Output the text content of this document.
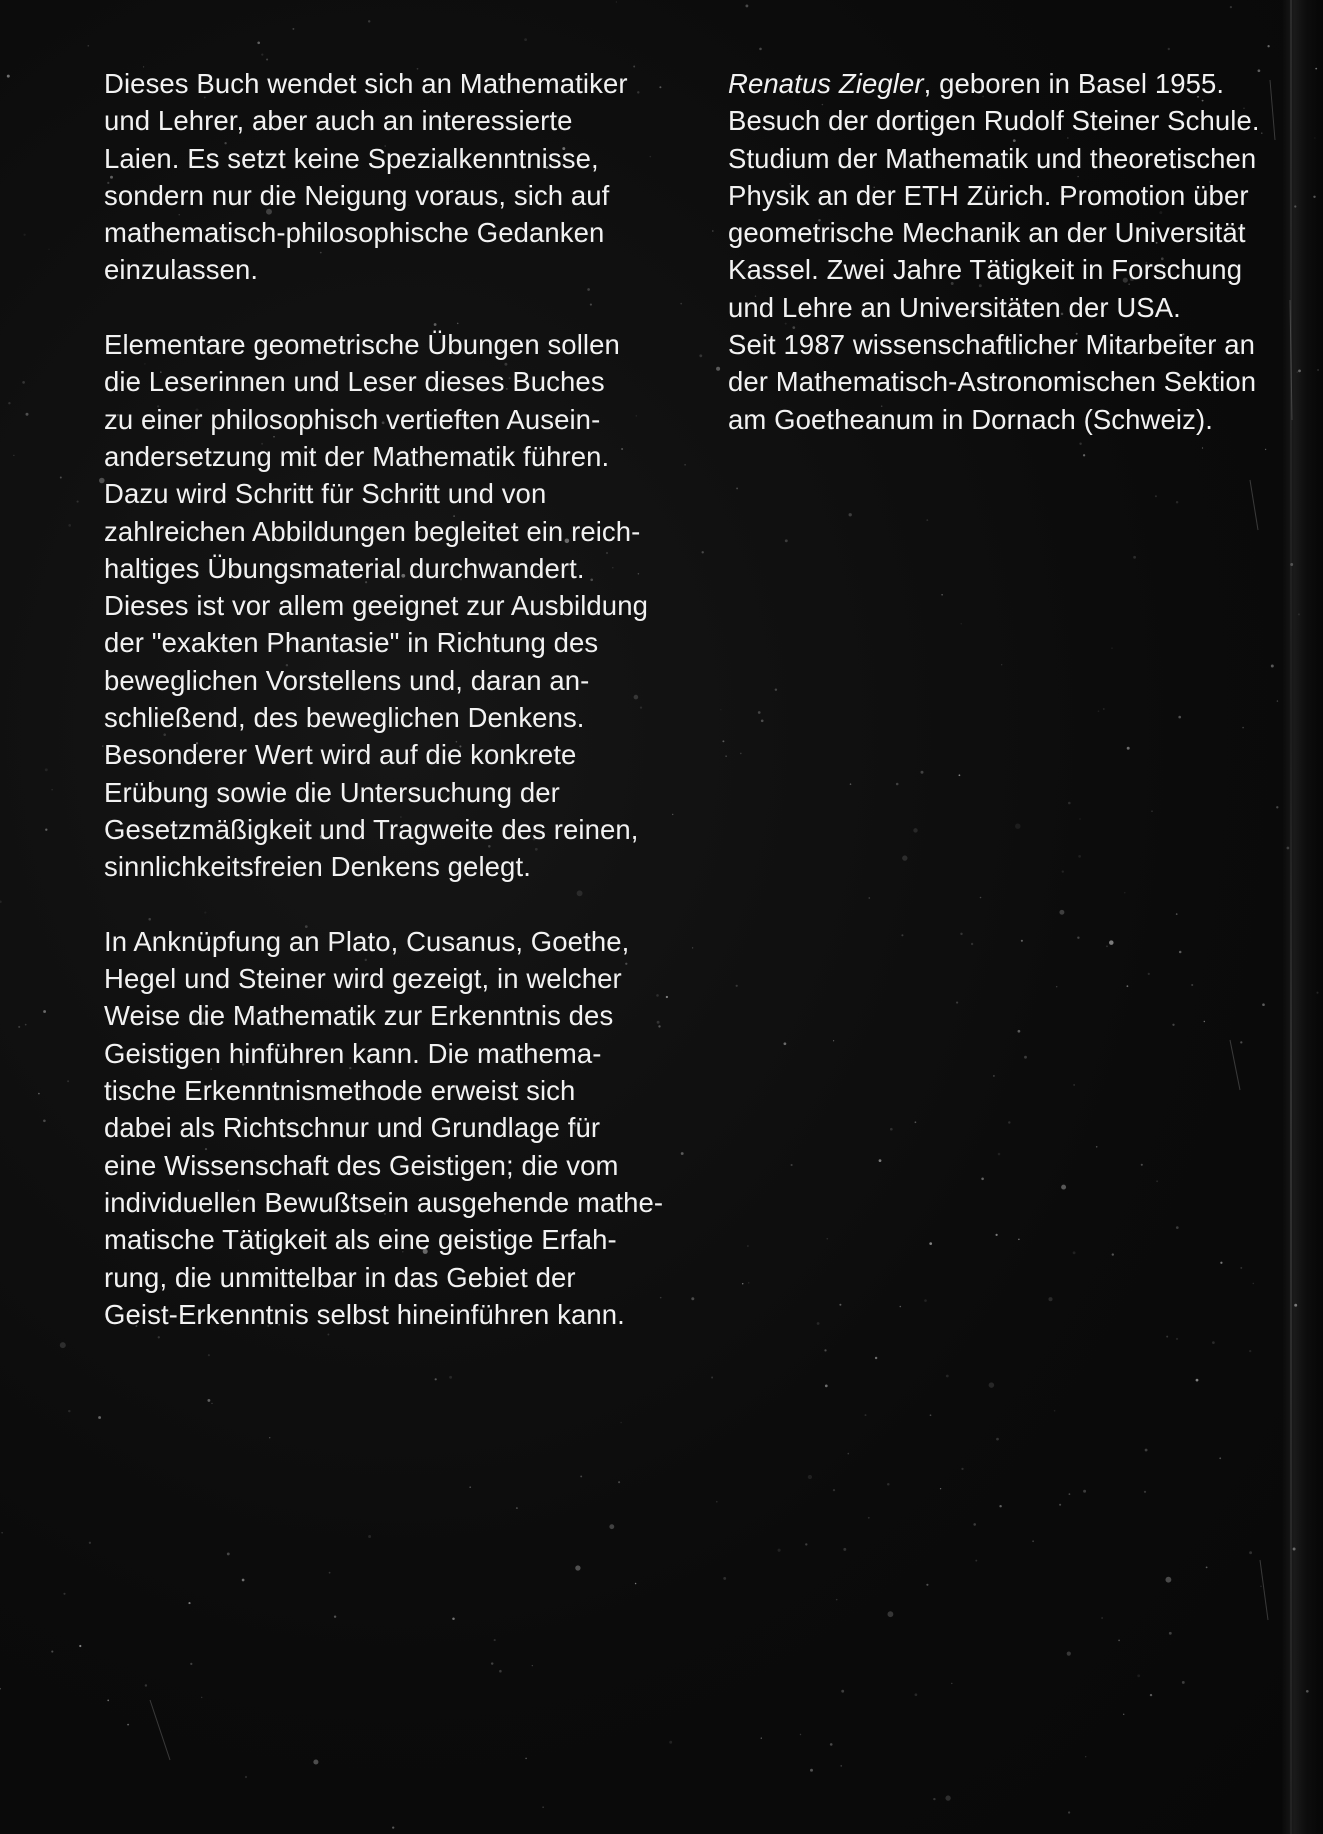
Dieses Buch wendet sich an Mathematiker
und Lehrer, aber auch an interessierte
Laien. Es setzt keine Spezialkenntnisse,
sondern nur die Neigung voraus, sich auf
mathematisch-philosophische Gedanken
einzulassen.
Elementare geometrische Übungen sollen
die Leserinnen und Leser dieses Buches
zu einer philosophisch vertieften Ausein-
andersetzung mit der Mathematik führen.
Dazu wird Schritt für Schritt und von
zahlreichen Abbildungen begleitet ein reich-
haltiges Übungsmaterial durchwandert.
Dieses ist vor allem geeignet zur Ausbildung
der "exakten Phantasie" in Richtung des
beweglichen Vorstellens und, daran an-
schließend, des beweglichen Denkens.
Besonderer Wert wird auf die konkrete
Erübung sowie die Untersuchung der
Gesetzmäßigkeit und Tragweite des reinen,
sinnlichkeitsfreien Denkens gelegt.
In Anknüpfung an Plato, Cusanus, Goethe,
Hegel und Steiner wird gezeigt, in welcher
Weise die Mathematik zur Erkenntnis des
Geistigen hinführen kann. Die mathema-
tische Erkenntnismethode erweist sich
dabei als Richtschnur und Grundlage für
eine Wissenschaft des Geistigen; die vom
individuellen Bewußtsein ausgehende mathe-
matische Tätigkeit als eine geistige Erfah-
rung, die unmittelbar in das Gebiet der
Geist-Erkenntnis selbst hineinführen kann.
Renatus Ziegler, geboren in Basel 1955.
Besuch der dortigen Rudolf Steiner Schule.
Studium der Mathematik und theoretischen
Physik an der ETH Zürich. Promotion über
geometrische Mechanik an der Universität
Kassel. Zwei Jahre Tätigkeit in Forschung
und Lehre an Universitäten der USA.
Seit 1987 wissenschaftlicher Mitarbeiter an
der Mathematisch-Astronomischen Sektion
am Goetheanum in Dornach (Schweiz).
